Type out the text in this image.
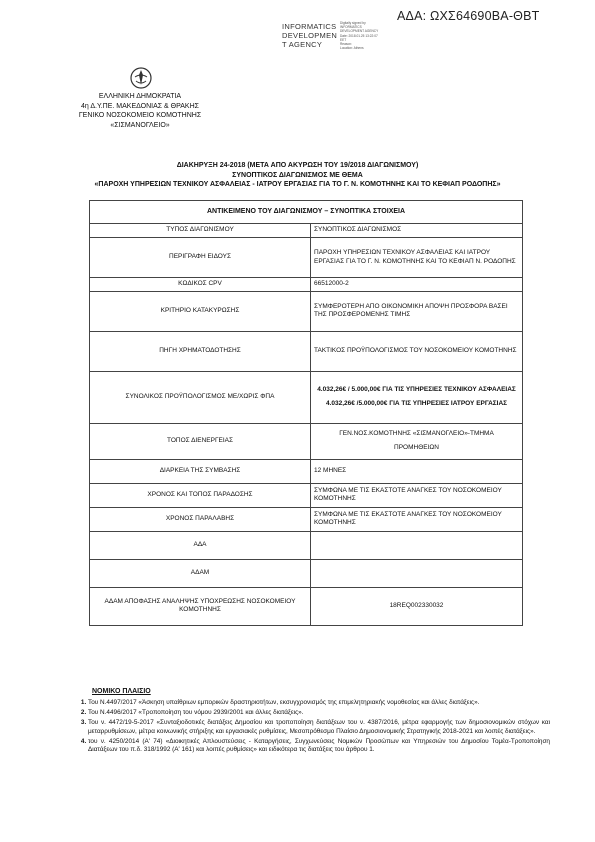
ΑΔΑ: ΩΧΣ64690ΒΑ-ΘΒΤ
INFORMATICS
DEVELOPMEN
T AGENCY
Digitally signed by
INFORMATICS
DEVELOPMENT AGENCY
Date: 2018.01.25 13:22:07
EET
Reason:
Location: Athens
ΕΛΛΗΝΙΚΗ ΔΗΜΟΚΡΑΤΙΑ
4η Δ.Υ.ΠΕ. ΜΑΚΕΔΟΝΙΑΣ & ΘΡΑΚΗΣ
ΓΕΝΙΚΟ ΝΟΣΟΚΟΜΕΙΟ ΚΟΜΟΤΗΝΗΣ
«ΣΙΣΜΑΝΟΓΛΕΙΟ»
ΔΙΑΚΗΡΥΞΗ 24-2018 (ΜΕΤΑ ΑΠΟ ΑΚΥΡΩΣΗ ΤΟΥ 19/2018 ΔΙΑΓΩΝΙΣΜΟΥ)
ΣΥΝΟΠΤΙΚΟΣ ΔΙΑΓΩΝΙΣΜΟΣ ΜΕ ΘΕΜΑ
«ΠΑΡΟΧΗ ΥΠΗΡΕΣΙΩΝ ΤΕΧΝΙΚΟΥ ΑΣΦΑΛΕΙΑΣ - ΙΑΤΡΟΥ ΕΡΓΑΣΙΑΣ ΓΙΑ ΤΟ Γ. Ν. ΚΟΜΟΤΗΝΗΣ ΚΑΙ ΤΟ ΚΕΦΙΑΠ ΡΟΔΟΠΗΣ»
ΑΝΤΙΚΕΙΜΕΝΟ ΤΟΥ ΔΙΑΓΩΝΙΣΜΟΥ – ΣΥΝΟΠΤΙΚΑ ΣΤΟΙΧΕΙΑ	
ΤΥΠΟΣ ΔΙΑΓΩΝΙΣΜΟΥ	ΣΥΝΟΠΤΙΚΟΣ ΔΙΑΓΩΝΙΣΜΟΣ
ΠΕΡΙΓΡΑΦΗ ΕΙΔΟΥΣ	ΠΑΡΟΧΗ ΥΠΗΡΕΣΙΩΝ ΤΕΧΝΙΚΟΥ ΑΣΦΑΛΕΙΑΣ ΚΑΙ ΙΑΤΡΟΥ ΕΡΓΑΣΙΑΣ ΓΙΑ ΤΟ Γ. Ν. ΚΟΜΟΤΗΝΗΣ ΚΑΙ ΤΟ ΚΕΦΙΑΠ Ν. ΡΟΔΟΠΗΣ
ΚΩΔΙΚΟΣ CPV	66512000-2
ΚΡΙΤΗΡΙΟ ΚΑΤΑΚΥΡΩΣΗΣ	ΣΥΜΦΕΡΟΤΕΡΗ ΑΠΟ ΟΙΚΟΝΟΜΙΚΗ ΑΠΟΨΗ ΠΡΟΣΦΟΡΑ ΒΑΣΕΙ ΤΗΣ ΠΡΟΣΦΕΡΟΜΕΝΗΣ ΤΙΜΗΣ
ΠΗΓΗ ΧΡΗΜΑΤΟΔΟΤΗΣΗΣ	ΤΑΚΤΙΚΟΣ ΠΡΟΫΠΟΛΟΓΙΣΜΟΣ ΤΟΥ ΝΟΣΟΚΟΜΕΙΟΥ ΚΟΜΟΤΗΝΗΣ
ΣΥΝΟΛΙΚΟΣ ΠΡΟΫΠΟΛΟΓΙΣΜΟΣ ΜΕ/ΧΩΡΙΣ ΦΠΑ	4.032,26€ / 5.000,00€ ΓΙΑ ΤΙΣ ΥΠΗΡΕΣΙΕΣ ΤΕΧΝΙΚΟΥ ΑΣΦΑΛΕΙΑΣ
4.032,26€ /5.000,00€ ΓΙΑ ΤΙΣ ΥΠΗΡΕΣΙΕΣ ΙΑΤΡΟΥ ΕΡΓΑΣΙΑΣ

ΤΟΠΟΣ ΔΙΕΝΕΡΓΕΙΑΣ	ΓΕΝ.ΝΟΣ.ΚΟΜΟΤΗΝΗΣ «ΣΙΣΜΑΝΟΓΛΕΙΟ»-ΤΜΗΜΑ
ΠΡΟΜΗΘΕΙΩΝ

ΔΙΑΡΚΕΙΑ ΤΗΣ ΣΥΜΒΑΣΗΣ	12 ΜΗΝΕΣ
ΧΡΟΝΟΣ ΚΑΙ ΤΟΠΟΣ ΠΑΡΑΔΟΣΗΣ	ΣΥΜΦΩΝΑ ΜΕ ΤΙΣ ΕΚΑΣΤΟΤΕ ΑΝΑΓΚΕΣ ΤΟΥ ΝΟΣΟΚΟΜΕΙΟΥ ΚΟΜΟΤΗΝΗΣ
ΧΡΟΝΟΣ ΠΑΡΑΛΑΒΗΣ	ΣΥΜΦΩΝΑ ΜΕ ΤΙΣ ΕΚΑΣΤΟΤΕ ΑΝΑΓΚΕΣ ΤΟΥ ΝΟΣΟΚΟΜΕΙΟΥ ΚΟΜΟΤΗΝΗΣ
ΑΔΑ	
ΑΔΑΜ	
ΑΔΑΜ ΑΠΟΦΑΣΗΣ ΑΝΑΛΗΨΗΣ ΥΠΟΧΡΕΩΣΗΣ ΝΟΣΟΚΟΜΕΙΟΥ ΚΟΜΟΤΗΝΗΣ	18REQ002330032
ΝΟΜΙΚΟ ΠΛΑΙΣΙΟ
1. Του Ν.4497/2017 «Άσκηση υπαίθριων εμπορικών δραστηριοτήτων, εκσυγχρονισμός της επιμελητηριακής νομοθεσίας και άλλες διατάξεις».
2. Του Ν.4496/2017 «Τροποποίηση του νόμου 2939/2001 και άλλες διατάξεις».
3. Του ν. 4472/19-5-2017 «Συνταξιοδοτικές διατάξεις Δημοσίου και τροποποίηση διατάξεων του ν. 4387/2016, μέτρα εφαρμογής των δημοσιονομικών στόχων και μεταρρυθμίσεων, μέτρα κοινωνικής στήριξης και εργασιακές ρυθμίσεις, Μεσοπρόθεσμο Πλαίσιο Δημοσιονομικής Στρατηγικής 2018-2021 και λοιπές διατάξεις».
4. του ν. 4250/2014 (Α' 74) «Διοικητικές Απλουστεύσεις - Καταργήσεις, Συγχωνεύσεις Νομικών Προσώπων και Υπηρεσιών του Δημοσίου Τομέα-Τροποποίηση Διατάξεων του π.δ. 318/1992 (Α' 161) και λοιπές ρυθμίσεις» και ειδικότερα τις διατάξεις του άρθρου 1.
